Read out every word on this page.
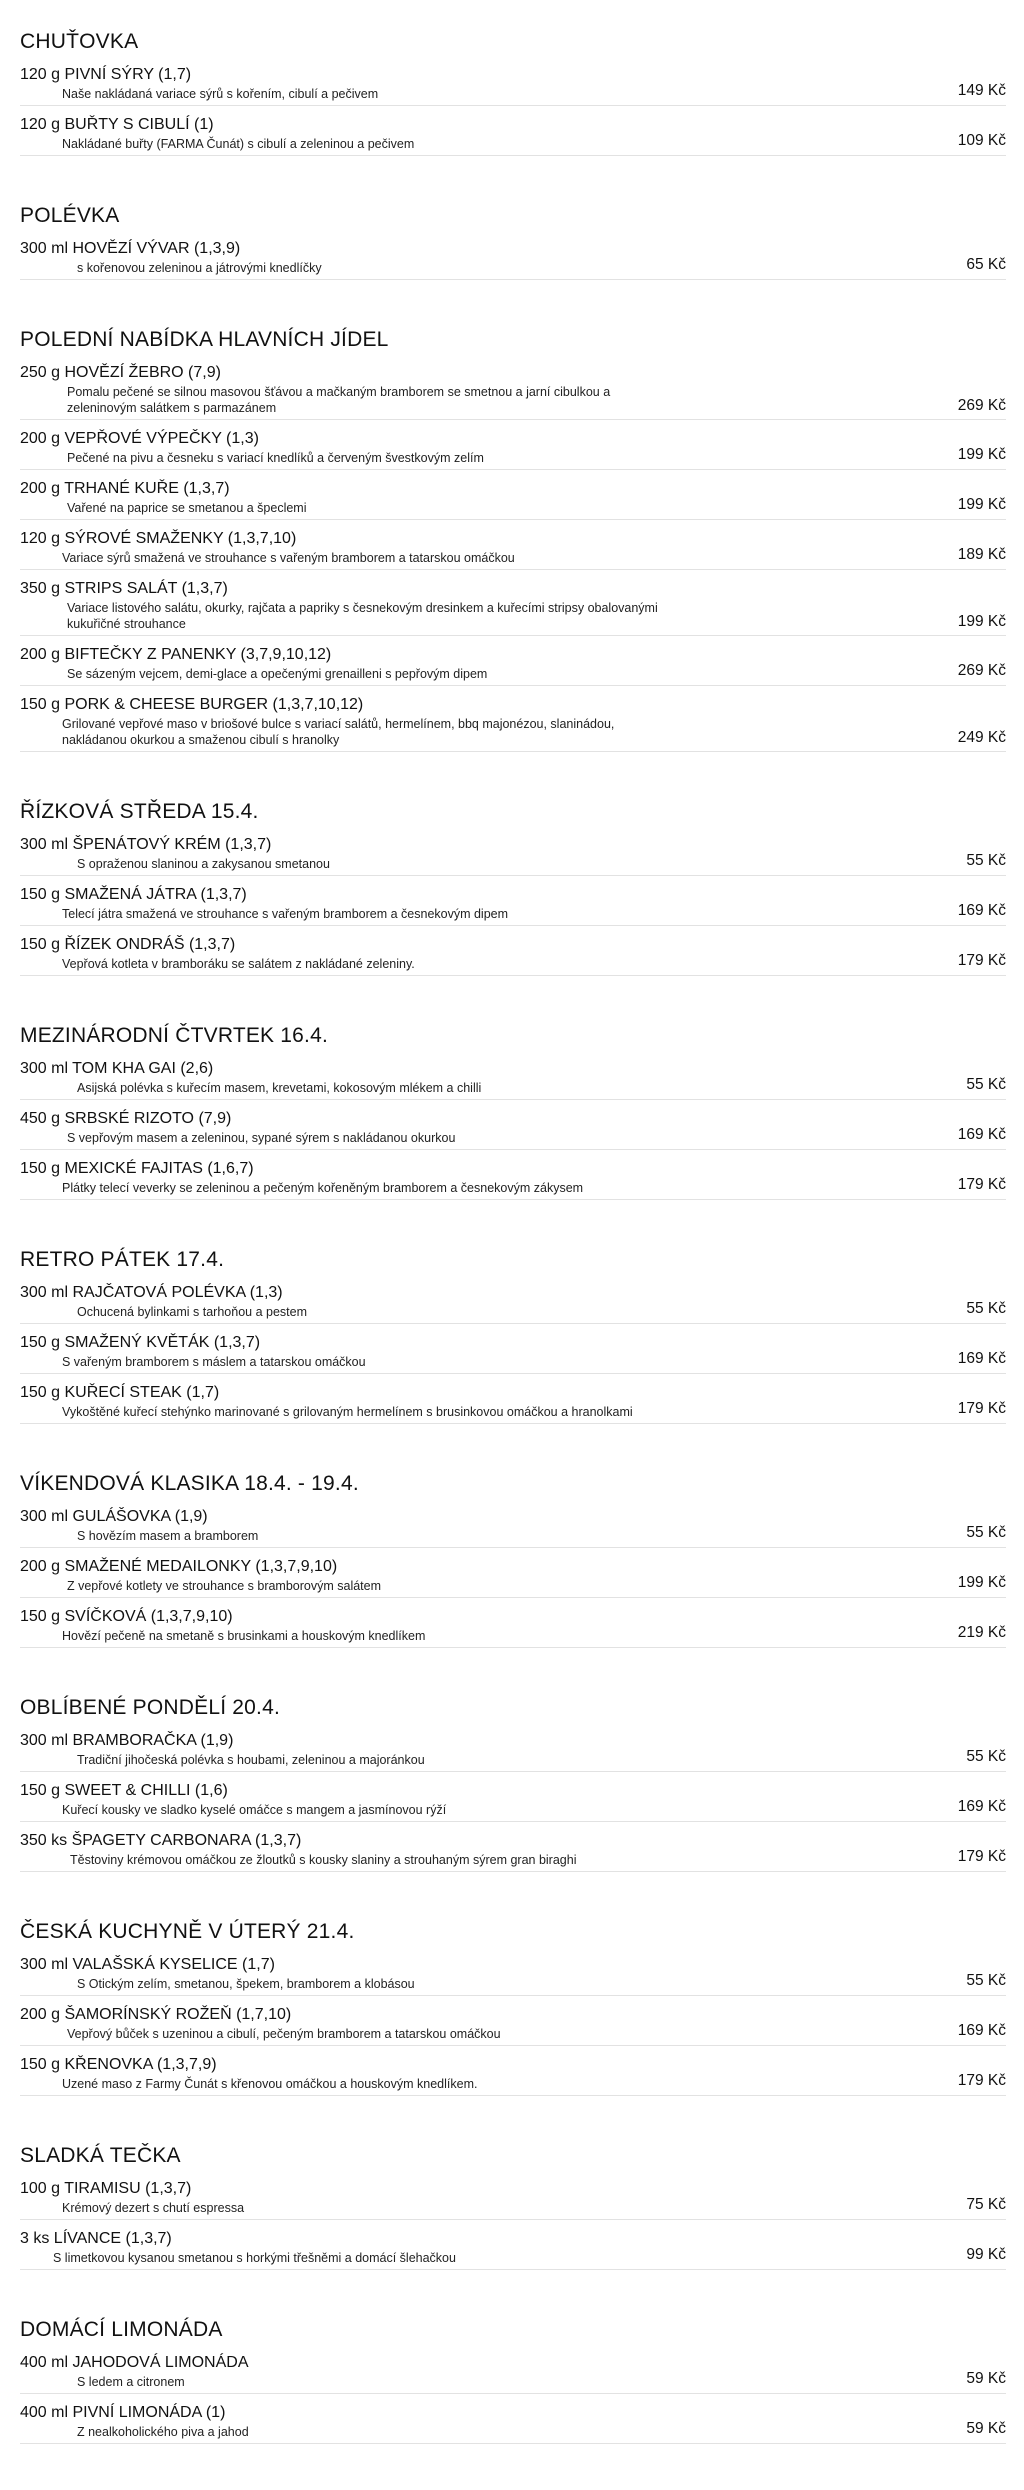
CHUŤOVKA
120 g PIVNÍ SÝRY (1,7)
Naše nakládaná variace sýrů s kořením, cibulí a pečivem	149 Kč
120 g BUŘTY S CIBULÍ (1)
Nakládané buřty (FARMA Čunát) s cibulí a zeleninou a pečivem	109 Kč
POLÉVKA
300 ml HOVĚZÍ VÝVAR (1,3,9)
s kořenovou zeleninou a játrovými knedlíčky	65 Kč
POLEDNÍ NABÍDKA HLAVNÍCH JÍDEL
250 g HOVĚZÍ ŽEBRO (7,9)
Pomalu pečené se silnou masovou šťávou a mačkaným bramborem se smetnou a jarní cibulkou a zeleninovým salátkem s parmazánem	269 Kč
200 g VEPŘOVÉ VÝPEČKY (1,3)
Pečené na pivu a česneku s variací knedlíků a červeným švestkovým zelím	199 Kč
200 g TRHANÉ KUŘE (1,3,7)
Vařené na paprice se smetanou a špeclemi	199 Kč
120 g SÝROVÉ SMAŽENKY (1,3,7,10)
Variace sýrů smažená ve strouhance s vařeným bramborem a tatarskou omáčkou	189 Kč
350 g STRIPS SALÁT (1,3,7)
Variace listového salátu, okurky, rajčata a papriky s česnekovým dresinkem a kuřecími stripsy obalovanými kukuřičné strouhance	199 Kč
200 g BIFTEČKY Z PANENKY (3,7,9,10,12)
Se sázeným vejcem, demi-glace a opečenými grenailleni s pepřovým dipem	269 Kč
150 g PORK & CHEESE BURGER (1,3,7,10,12)
Grilované vepřové maso v briošové bulce s variací salátů, hermelínem, bbq majonézou, slaninádou, nakládanou okurkou a smaženou cibulí s hranolky	249 Kč
ŘÍZKOVÁ STŘEDA 15.4.
300 ml ŠPENÁTOVÝ KRÉM (1,3,7)
S opraženou slaninou a zakysanou smetanou	55 Kč
150 g SMAŽENÁ JÁTRA (1,3,7)
Telecí játra smažená ve strouhance s vařeným bramborem a česnekovým dipem	169 Kč
150 g ŘÍZEK ONDRÁŠ (1,3,7)
Vepřová kotleta v bramboráku se salátem z nakládané zeleniny.	179 Kč
MEZINÁRODNÍ ČTVRTEK 16.4.
300 ml TOM KHA GAI (2,6)
Asijská polévka s kuřecím masem, krevetami, kokosovým mlékem a chilli	55 Kč
450 g SRBSKÉ RIZOTO (7,9)
S vepřovým masem a zeleninou, sypané sýrem s nakládanou okurkou	169 Kč
150 g MEXICKÉ FAJITAS (1,6,7)
Plátky telecí veverky se zeleninou a pečeným kořeněným bramborem a česnekovým zákysem	179 Kč
RETRO PÁTEK 17.4.
300 ml RAJČATOVÁ POLÉVKA (1,3)
Ochucená bylinkami s tarhoňou a pestem	55 Kč
150 g SMAŽENÝ KVĚTÁK (1,3,7)
S vařeným bramborem s máslem a tatarskou omáčkou	169 Kč
150 g KUŘECÍ STEAK (1,7)
Vykoštěné kuřecí stehýnko marinované s grilovaným hermelínem s brusinkovou omáčkou a hranolkami	179 Kč
VÍKENDOVÁ KLASIKA 18.4. - 19.4.
300 ml GULÁŠOVKA (1,9)
S hovězím masem a bramborem	55 Kč
200 g SMAŽENÉ MEDAILONKY (1,3,7,9,10)
Z vepřové kotlety ve strouhance s bramborovým salátem	199 Kč
150 g SVÍČKOVÁ (1,3,7,9,10)
Hovězí pečeně na smetaně s brusinkami a houskovým knedlíkem	219 Kč
OBLÍBENÉ PONDĚLÍ 20.4.
300 ml BRAMBORAČKA (1,9)
Tradiční jihočeská polévka s houbami, zeleninou a majoránkou	55 Kč
150 g SWEET & CHILLI (1,6)
Kuřecí kousky ve sladko kyselé omáčce s mangem a jasmínovou rýží	169 Kč
350 ks ŠPAGETY CARBONARA (1,3,7)
Těstoviny krémovou omáčkou ze žloutků s kousky slaniny a strouhaným sýrem gran biraghi	179 Kč
ČESKÁ KUCHYNĚ V ÚTERÝ 21.4.
300 ml VALAŠSKÁ KYSELICE (1,7)
S Otickým zelím, smetanou, špekem, bramborem a klobásou	55 Kč
200 g ŠAMORÍNSKÝ ROŽEŇ (1,7,10)
Vepřový bůček s uzeninou a cibulí, pečeným bramborem a tatarskou omáčkou	169 Kč
150 g KŘENOVKA (1,3,7,9)
Uzené maso z Farmy Čunát s křenovou omáčkou a houskovým knedlíkem.	179 Kč
SLADKÁ TEČKA
100 g TIRAMISU (1,3,7)
Krémový dezert s chutí espressa	75 Kč
3 ks LÍVANCE (1,3,7)
S limetkovou kysanou smetanou s horkými třešněmi a domácí šlehačkou	99 Kč
DOMÁCÍ LIMONÁDA
400 ml JAHODOVÁ LIMONÁDA
S ledem a citronem	59 Kč
400 ml PIVNÍ LIMONÁDA (1)
Z nealkoholického piva a jahod	59 Kč
